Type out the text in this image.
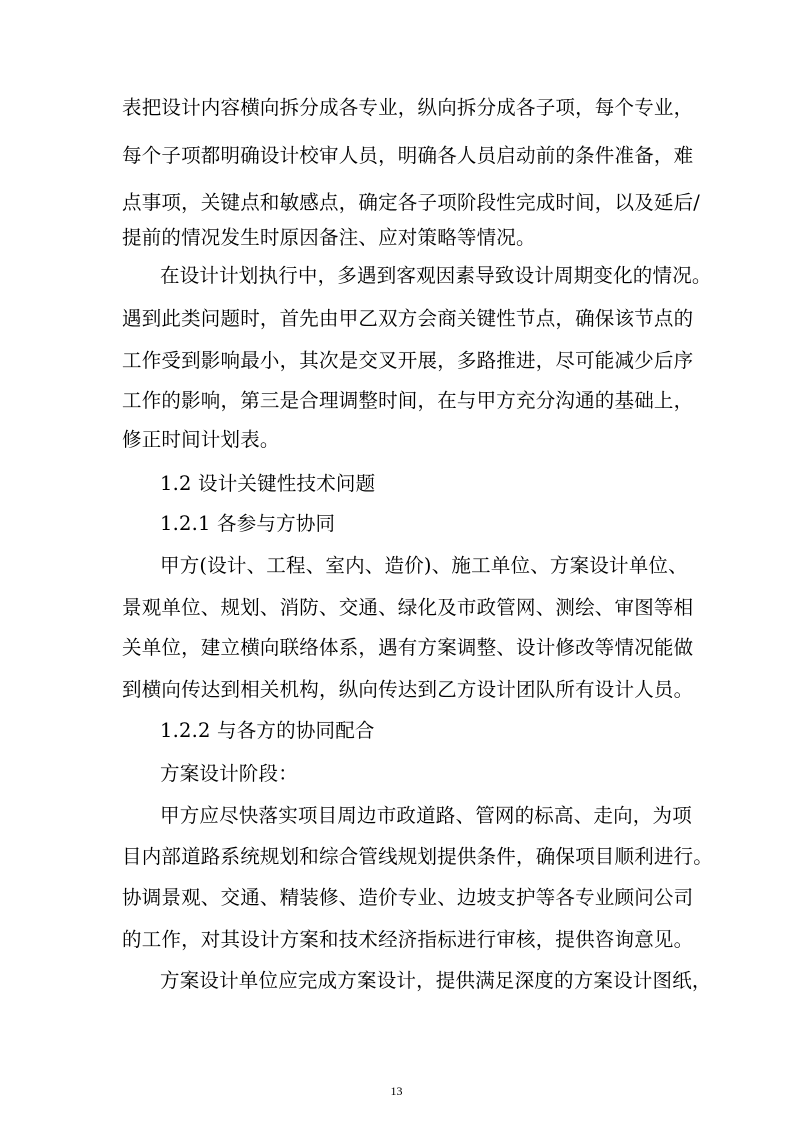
表把设计内容横向拆分成各专业，纵向拆分成各子项，每个专业，
每个子项都明确设计校审人员，明确各人员启动前的条件准备，难
点事项，关键点和敏感点，确定各子项阶段性完成时间，以及延后/
提前的情况发生时原因备注、应对策略等情况。
在设计计划执行中，多遇到客观因素导致设计周期变化的情况。
遇到此类问题时，首先由甲乙双方会商关键性节点，确保该节点的
工作受到影响最小，其次是交叉开展，多路推进，尽可能减少后序
工作的影响，第三是合理调整时间，在与甲方充分沟通的基础上，
修正时间计划表。
1.2 设计关键性技术问题
1.2.1 各参与方协同
甲方(设计、工程、室内、造价)、施工单位、方案设计单位、
景观单位、规划、消防、交通、绿化及市政管网、测绘、审图等相
关单位，建立横向联络体系，遇有方案调整、设计修改等情况能做
到横向传达到相关机构，纵向传达到乙方设计团队所有设计人员。
1.2.2 与各方的协同配合
方案设计阶段：
甲方应尽快落实项目周边市政道路、管网的标高、走向，为项
目内部道路系统规划和综合管线规划提供条件，确保项目顺利进行。
协调景观、交通、精装修、造价专业、边坡支护等各专业顾问公司
的工作，对其设计方案和技术经济指标进行审核，提供咨询意见。
方案设计单位应完成方案设计，提供满足深度的方案设计图纸，
13
